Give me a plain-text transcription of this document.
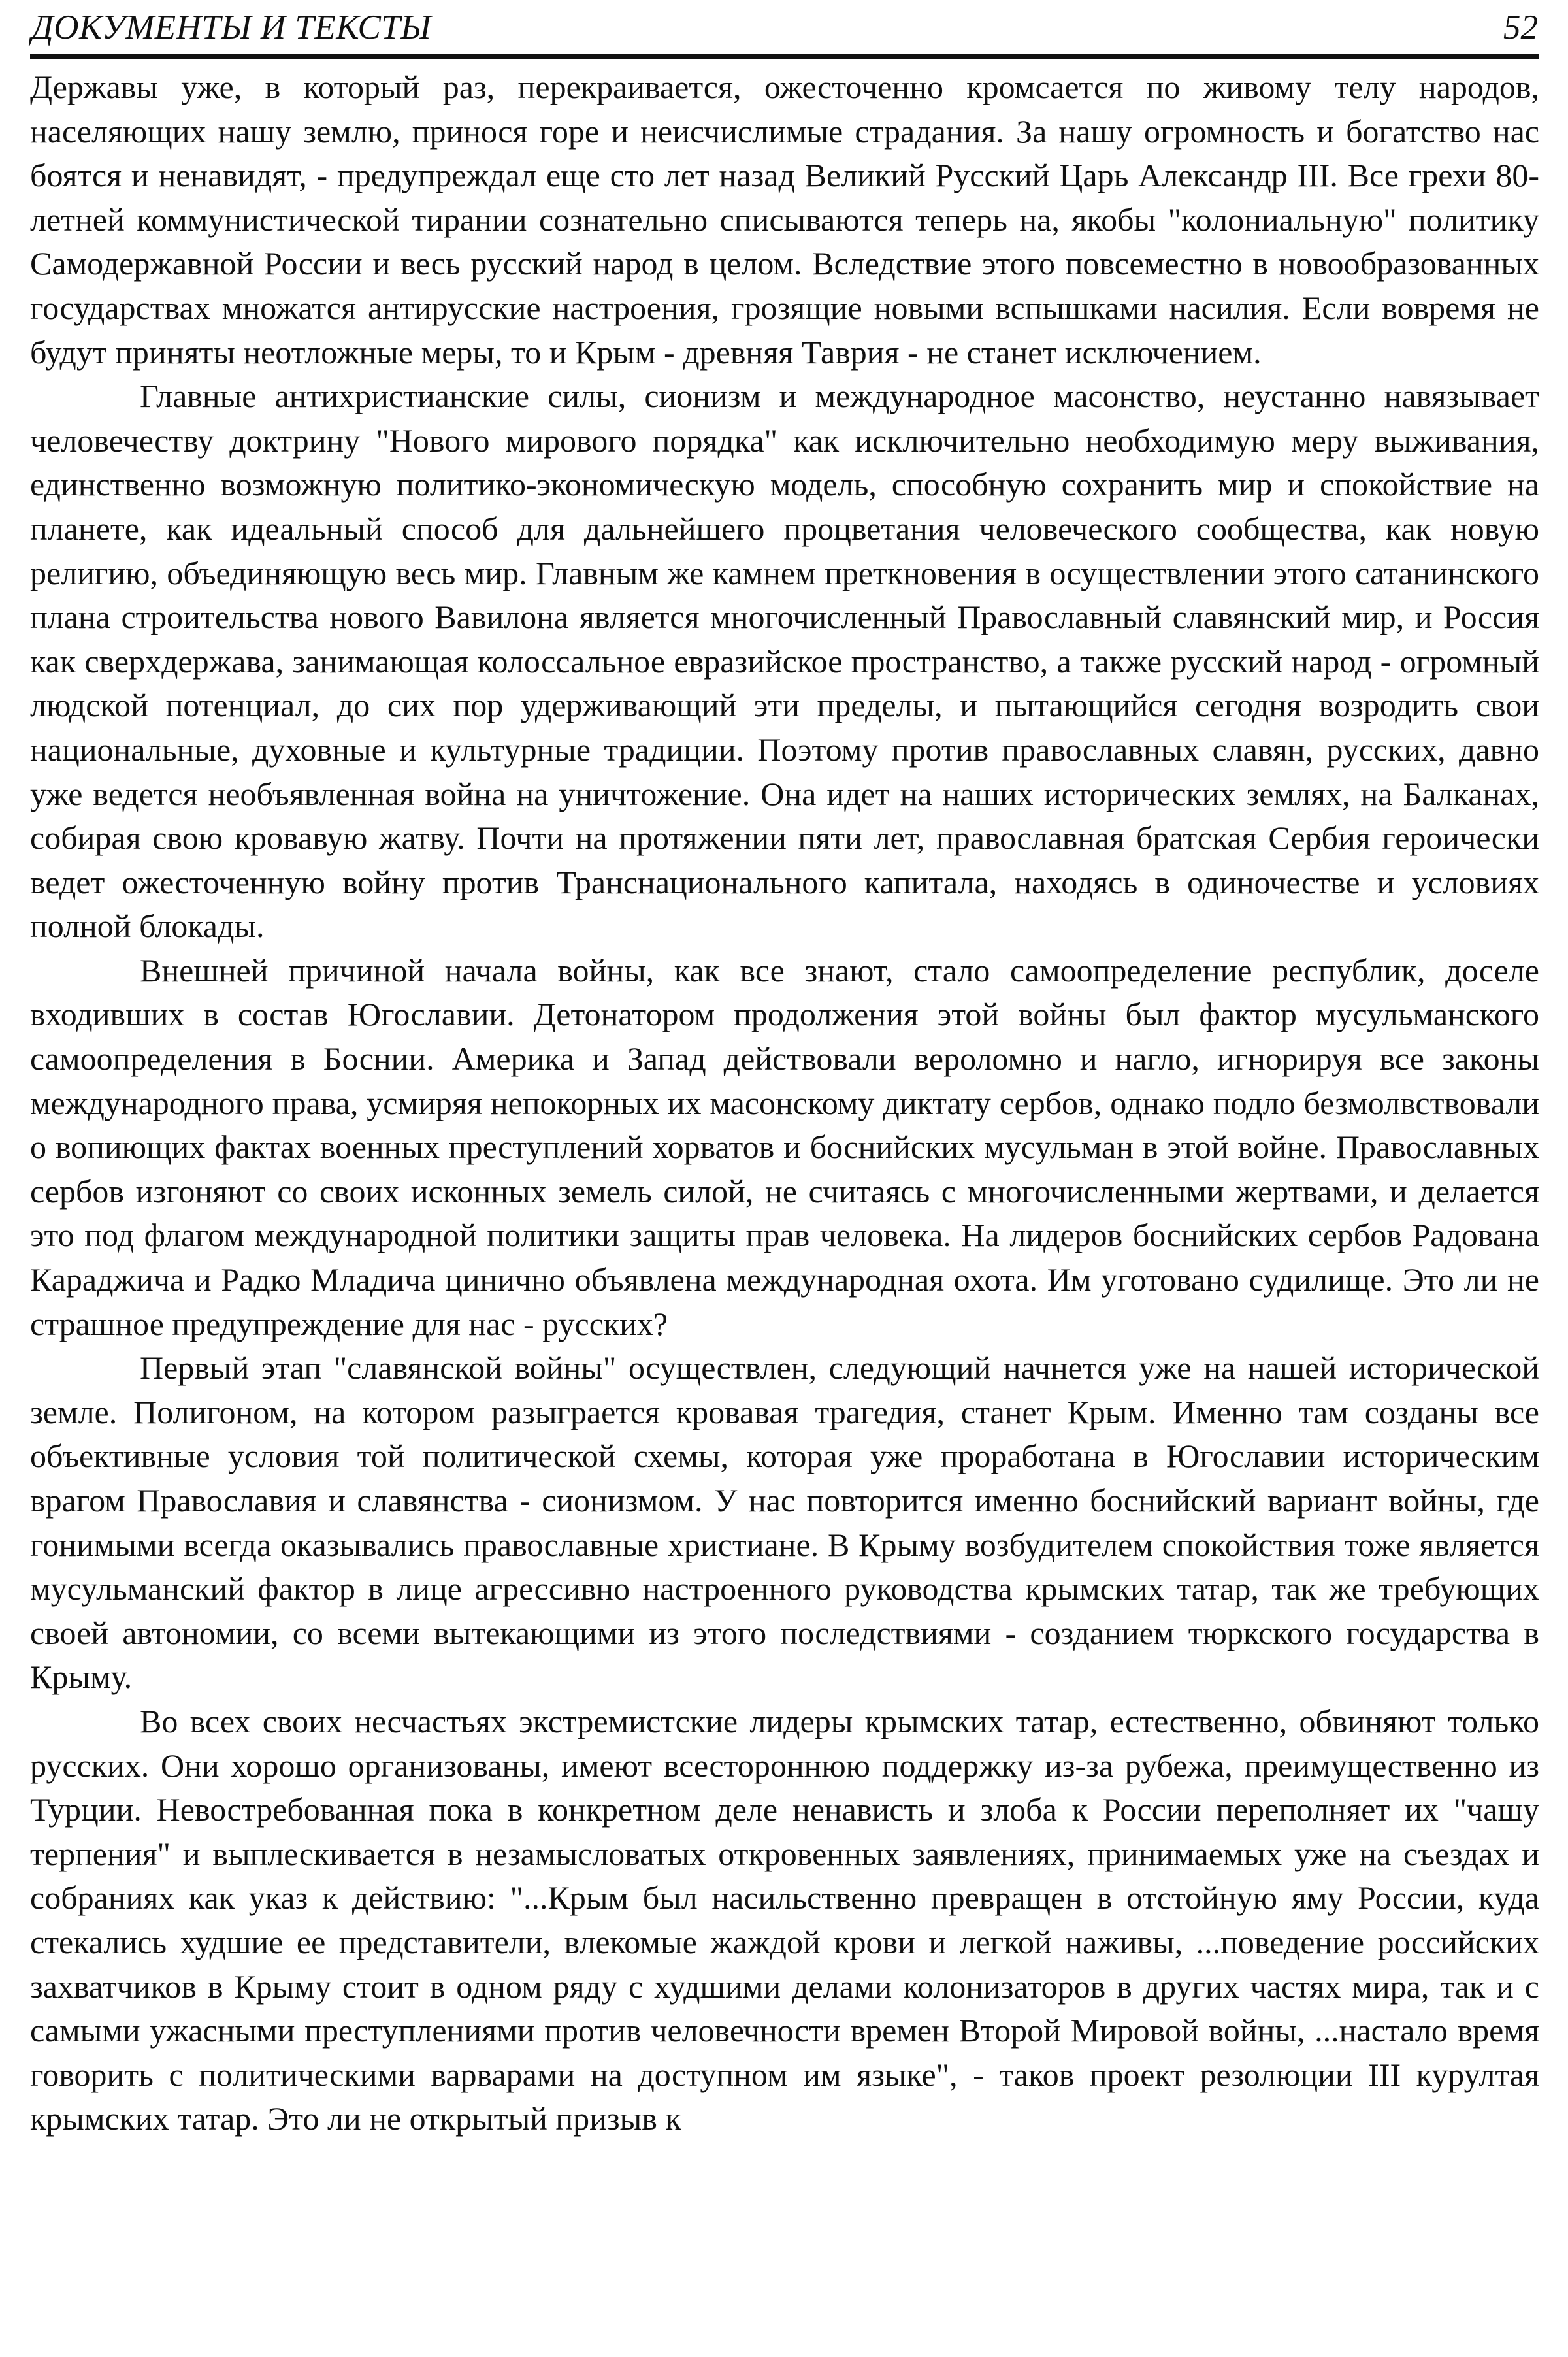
ДОКУМЕНТЫ И ТЕКСТЫ	52

Державы уже, в который раз, перекраивается, ожесточенно кромсается по живому телу народов, населяющих нашу землю, принося горе и неисчислимые страдания. За нашу огромность и богатство нас боятся и ненавидят, - предупреждал еще сто лет назад Великий Русский Царь Александр III. Все грехи 80-летней коммунистической тирании сознательно списываются теперь на, якобы "колониальную" политику Самодержавной России и весь русский народ в целом. Вследствие этого повсеместно в новообразованных государствах множатся антирусские настроения, грозящие новыми вспышками насилия. Если вовремя не будут приняты неотложные меры, то и Крым - древняя Таврия - не станет исключением.

Главные антихристианские силы, сионизм и международное масонство, неустанно навязывает человечеству доктрину "Нового мирового порядка" как исключительно необходимую меру выживания, единственно возможную политико-экономическую модель, способную сохранить мир и спокойствие на планете, как идеальный способ для дальнейшего процветания человеческого сообщества, как новую религию, объединяющую весь мир. Главным же камнем преткновения в осуществлении этого сатанинского плана строительства нового Вавилона является многочисленный Православный славянский мир, и Россия как сверхдержава, занимающая колоссальное евразийское пространство, а также русский народ - огромный людской потенциал, до сих пор удерживающий эти пределы, и пытающийся сегодня возродить свои национальные, духовные и культурные традиции. Поэтому против православных славян, русских, давно уже ведется необъявленная война на уничтожение. Она идет на наших исторических землях, на Балканах, собирая свою кровавую жатву. Почти на протяжении пяти лет, православная братская Сербия героически ведет ожесточенную войну против Транснационального капитала, находясь в одиночестве и условиях полной блокады.

Внешней причиной начала войны, как все знают, стало самоопределение республик, доселе входивших в состав Югославии. Детонатором продолжения этой войны был фактор мусульманского самоопределения в Боснии. Америка и Запад действовали вероломно и нагло, игнорируя все законы международного права, усмиряя непокорных их масонскому диктату сербов, однако подло безмолвствовали о вопиющих фактах военных преступлений хорватов и боснийских мусульман в этой войне. Православных сербов изгоняют со своих исконных земель силой, не считаясь с многочисленными жертвами, и делается это под флагом международной политики защиты прав человека. На лидеров боснийских сербов Радована Караджича и Радко Младича цинично объявлена международная охота. Им уготовано судилище. Это ли не страшное предупреждение для нас - русских?

Первый этап "славянской войны" осуществлен, следующий начнется уже на нашей исторической земле. Полигоном, на котором разыграется кровавая трагедия, станет Крым. Именно там созданы все объективные условия той политической схемы, которая уже проработана в Югославии историческим врагом Православия и славянства - сионизмом. У нас повторится именно боснийский вариант войны, где гонимыми всегда оказывались православные христиане. В Крыму возбудителем спокойствия тоже является мусульманский фактор в лице агрессивно настроенного руководства крымских татар, так же требующих своей автономии, со всеми вытекающими из этого последствиями - созданием тюркского государства в Крыму.

Во всех своих несчастьях экстремистские лидеры крымских татар, естественно, обвиняют только русских. Они хорошо организованы, имеют всестороннюю поддержку из-за рубежа, преимущественно из Турции. Невостребованная пока в конкретном деле ненависть и злоба к России переполняет их "чашу терпения" и выплескивается в незамысловатых откровенных заявлениях, принимаемых уже на съездах и собраниях как указ к действию: "...Крым был насильственно превращен в отстойную яму России, куда стекались худшие ее представители, влекомые жаждой крови и легкой наживы, ...поведение российских захватчиков в Крыму стоит в одном ряду с худшими делами колонизаторов в других частях мира, так и с самыми ужасными преступлениями против человечности времен Второй Мировой войны, ...настало время говорить с политическими варварами на доступном им языке", - таков проект резолюции III курултая крымских татар. Это ли не открытый призыв к
